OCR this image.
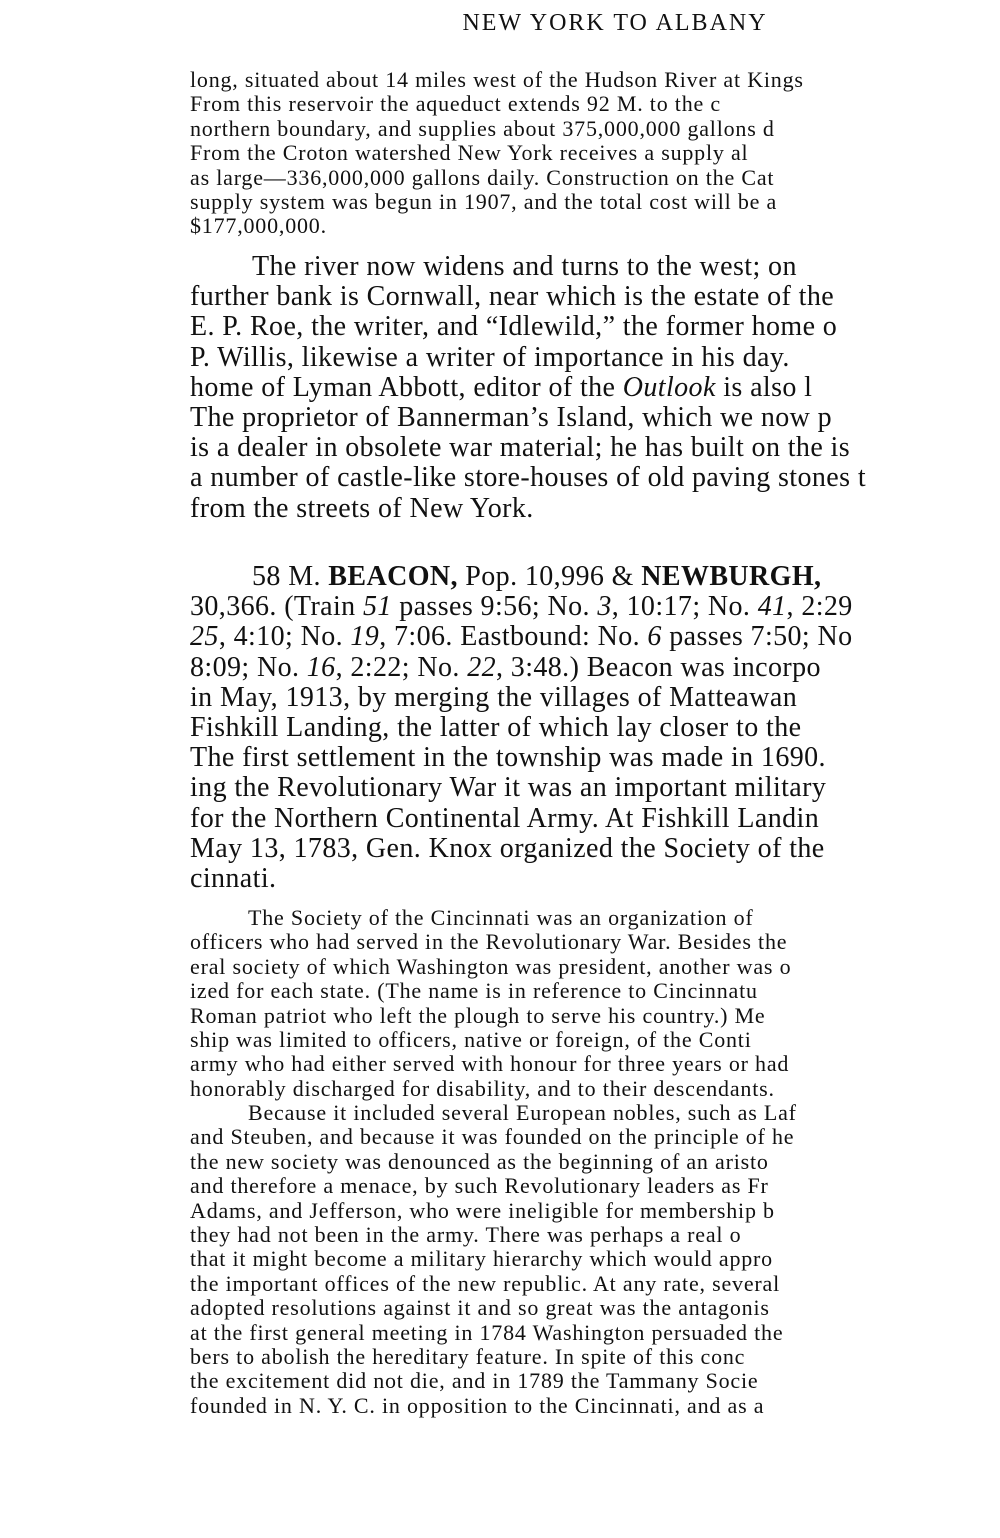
NEW YORK TO ALBANY
long, situated about 14 miles west of the Hudson River at Kings
From this reservoir the aqueduct extends 92 M. to the c
northern boundary, and supplies about 375,000,000 gallons d
From the Croton watershed New York receives a supply al
as large—336,000,000 gallons daily. Construction on the Cat
supply system was begun in 1907, and the total cost will be a
$177,000,000.
The river now widens and turns to the west; on
further bank is Cornwall, near which is the estate of the
E. P. Roe, the writer, and “Idlewild,” the former home o
P. Willis, likewise a writer of importance in his day.
home of Lyman Abbott, editor of the Outlook is also l
The proprietor of Bannerman’s Island, which we now p
is a dealer in obsolete war material; he has built on the is
a number of castle-like store-houses of old paving stones t
from the streets of New York.
58 M. BEACON, Pop. 10,996 & NEWBURGH,
30,366. (Train 51 passes 9:56; No. 3, 10:17; No. 41, 2:29
25, 4:10; No. 19, 7:06. Eastbound: No. 6 passes 7:50; No
8:09; No. 16, 2:22; No. 22, 3:48.) Beacon was incorpo
in May, 1913, by merging the villages of Matteawan
Fishkill Landing, the latter of which lay closer to the
The first settlement in the township was made in 1690.
ing the Revolutionary War it was an important military
for the Northern Continental Army. At Fishkill Landin
May 13, 1783, Gen. Knox organized the Society of the
cinnati.
The Society of the Cincinnati was an organization of
officers who had served in the Revolutionary War. Besides the
eral society of which Washington was president, another was o
ized for each state. (The name is in reference to Cincinnatu
Roman patriot who left the plough to serve his country.) Me
ship was limited to officers, native or foreign, of the Conti
army who had either served with honour for three years or had
honorably discharged for disability, and to their descendants.
Because it included several European nobles, such as Laf
and Steuben, and because it was founded on the principle of he
the new society was denounced as the beginning of an aristo
and therefore a menace, by such Revolutionary leaders as Fr
Adams, and Jefferson, who were ineligible for membership b
they had not been in the army. There was perhaps a real o
that it might become a military hierarchy which would appro
the important offices of the new republic. At any rate, several
adopted resolutions against it and so great was the antagonis
at the first general meeting in 1784 Washington persuaded the
bers to abolish the hereditary feature. In spite of this conc
the excitement did not die, and in 1789 the Tammany Socie
founded in N. Y. C. in opposition to the Cincinnati, and as a
